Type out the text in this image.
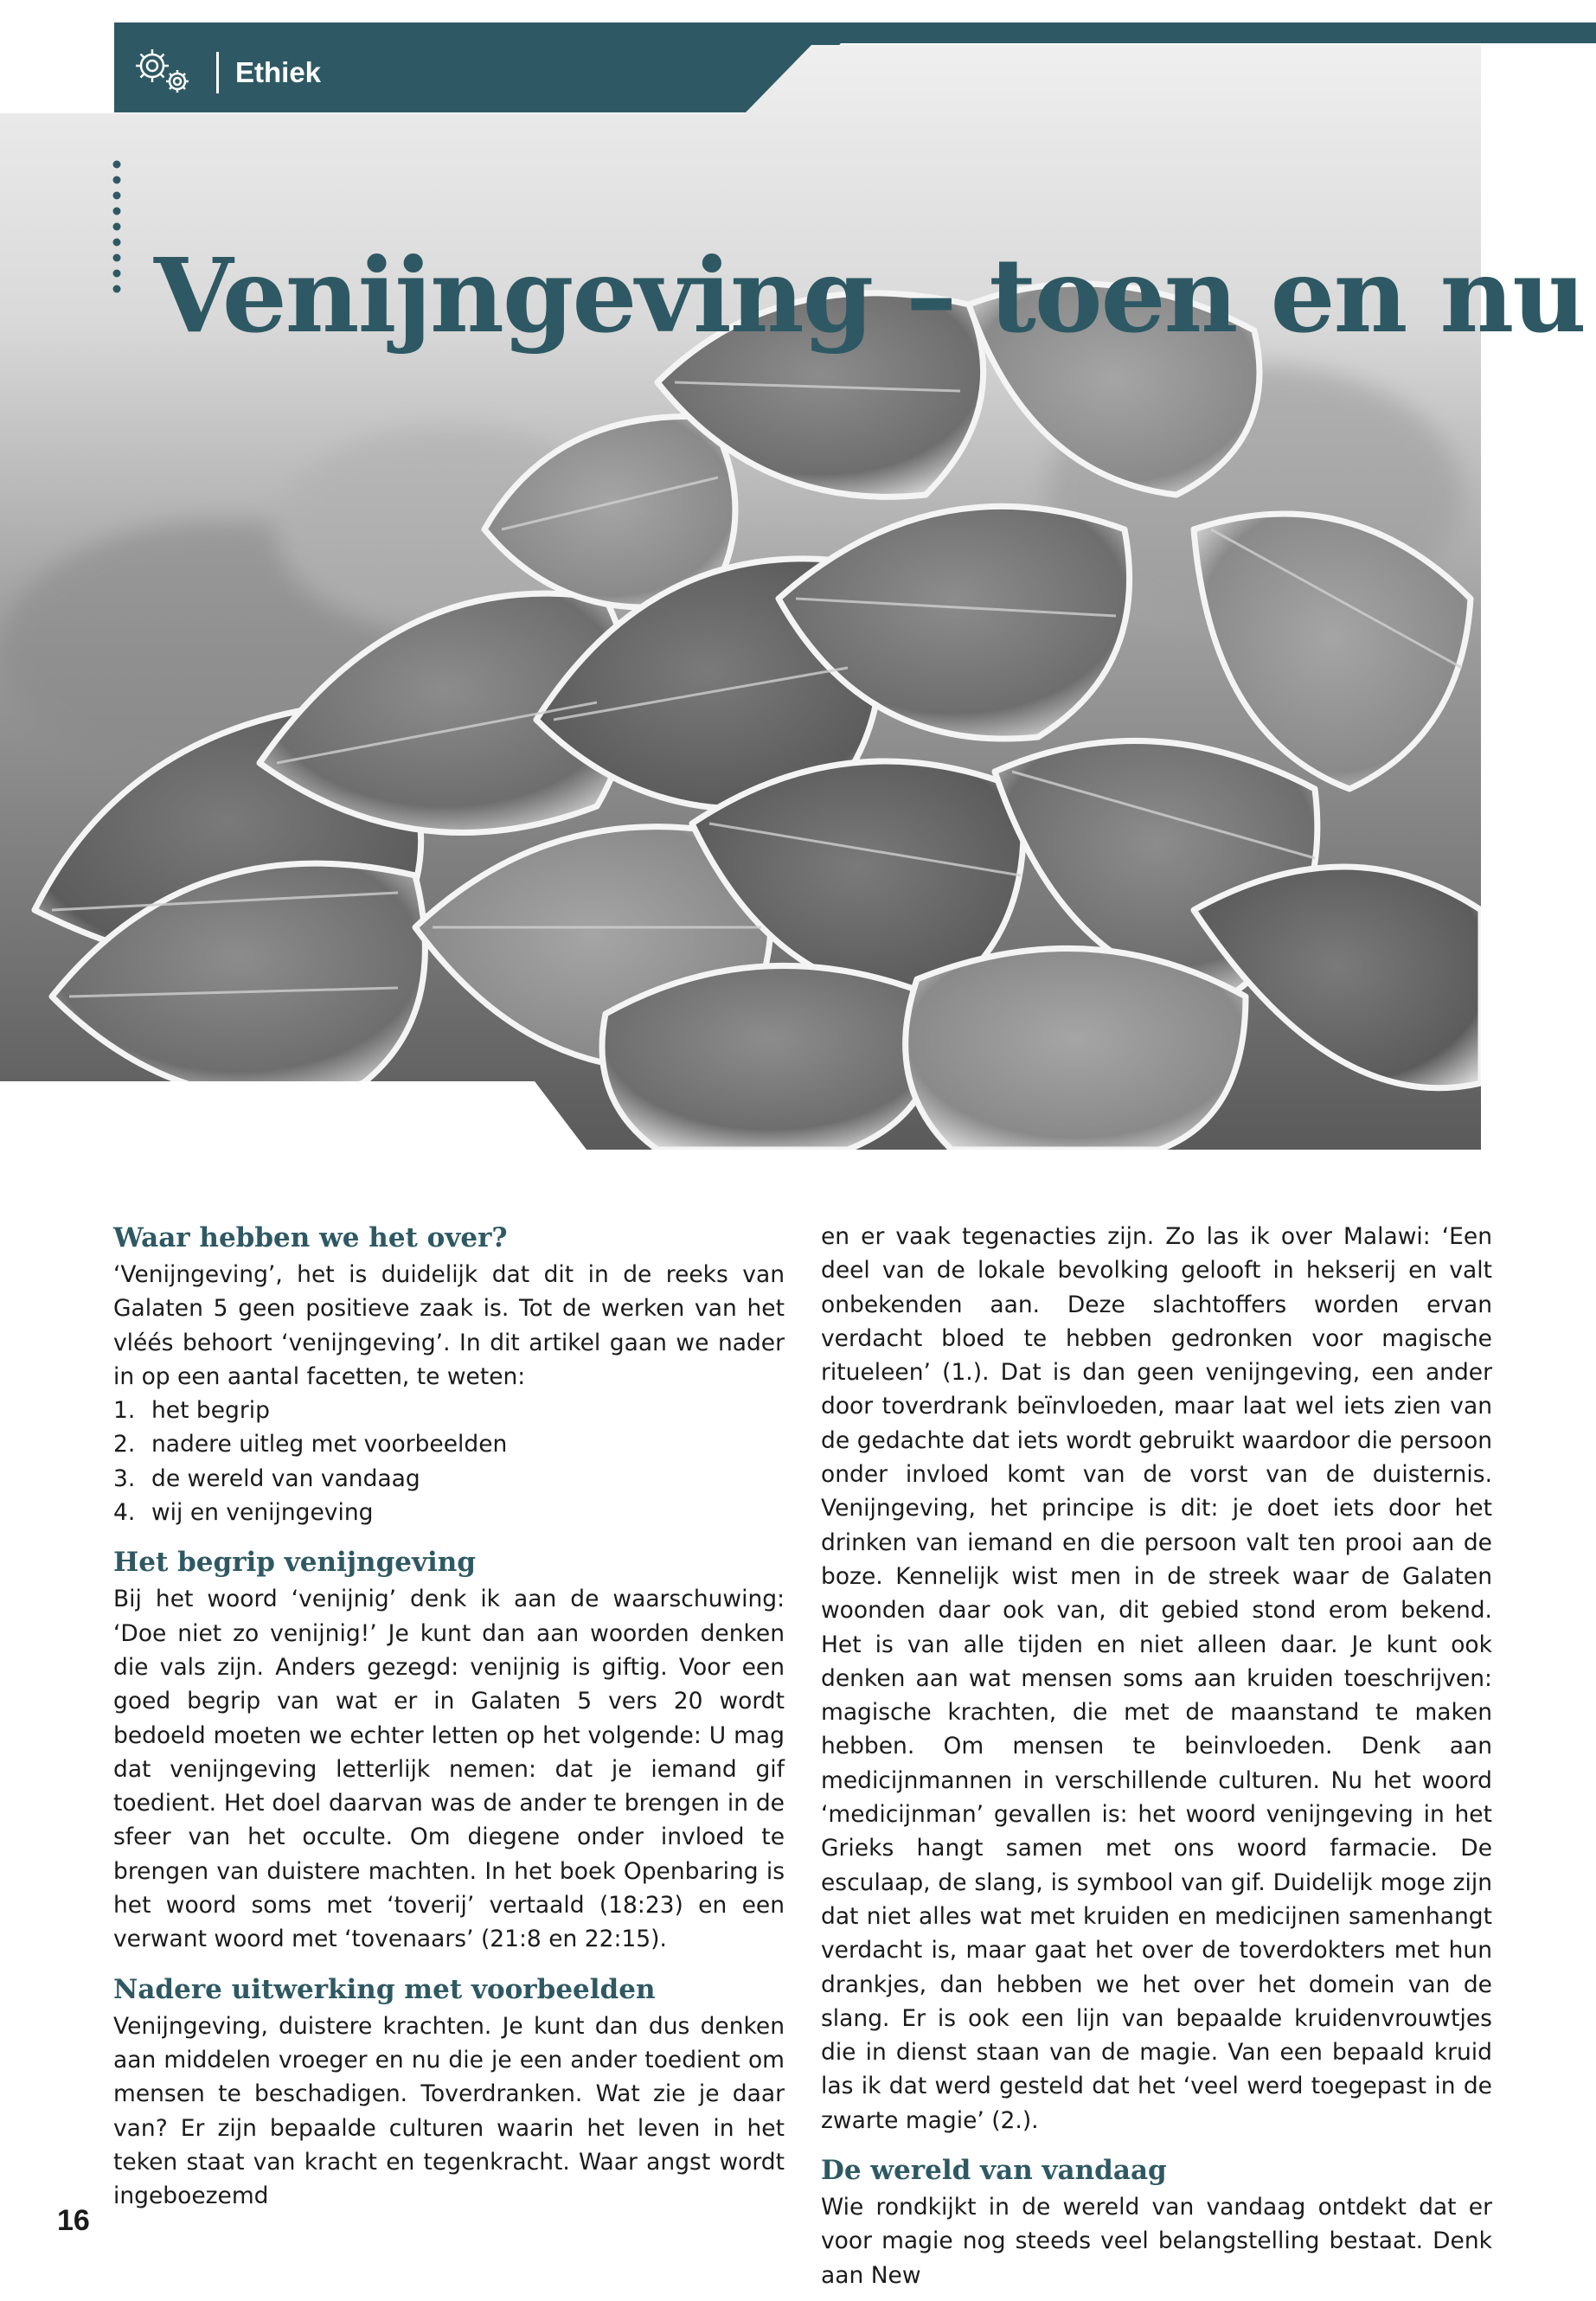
Ethiek
Venijngeving – toen en nu
Waar hebben we het over?

‘Venijngeving’, het is duidelijk dat dit in de reeks van Galaten 5 geen positieve zaak is. Tot de werken van het vléés behoort ‘venijngeving’. In dit artikel gaan we nader in op een aantal facetten, te weten:

1. het begrip
2. nadere uitleg met voorbeelden
3. de wereld van vandaag
4. wij en venijngeving
Het begrip venijngeving

Bij het woord ‘venijnig’ denk ik aan de waarschuwing: ‘Doe niet zo venijnig!’ Je kunt dan aan woorden denken die vals zijn. Anders gezegd: venijnig is giftig. Voor een goed begrip van wat er in Galaten 5 vers 20 wordt bedoeld moeten we echter letten op het volgende: U mag dat venijngeving letterlijk nemen: dat je iemand gif toedient. Het doel daarvan was de ander te brengen in de sfeer van het occulte. Om diegene onder invloed te brengen van duistere machten. In het boek Openbaring is het woord soms met ‘toverij’ vertaald (18:23) en een verwant woord met ‘tovenaars’ (21:8 en 22:15).

Nadere uitwerking met voorbeelden

Venijngeving, duistere krachten. Je kunt dan dus denken aan middelen vroeger en nu die je een ander toedient om mensen te beschadigen. Toverdranken. Wat zie je daar van? Er zijn bepaalde culturen waarin het leven in het teken staat van kracht en tegenkracht. Waar angst wordt ingeboezemd

en er vaak tegenacties zijn. Zo las ik over Malawi: ‘Een deel van de lokale bevolking gelooft in hekserij en valt onbekenden aan. Deze slachtoffers worden ervan verdacht bloed te hebben gedronken voor magische ritueleen’ (1.). Dat is dan geen venijngeving, een ander door toverdrank beïnvloeden, maar laat wel iets zien van de gedachte dat iets wordt gebruikt waardoor die persoon onder invloed komt van de vorst van de duisternis. Venijngeving, het principe is dit: je doet iets door het drinken van iemand en die persoon valt ten prooi aan de boze. Kennelijk wist men in de streek waar de Galaten woonden daar ook van, dit gebied stond erom bekend. Het is van alle tijden en niet alleen daar. Je kunt ook denken aan wat mensen soms aan kruiden toeschrijven: magische krachten, die met de maanstand te maken hebben. Om mensen te beinvloeden. Denk aan medicijnmannen in verschillende culturen. Nu het woord ‘medicijnman’ gevallen is: het woord venijngeving in het Grieks hangt samen met ons woord farmacie. De esculaap, de slang, is symbool van gif. Duidelijk moge zijn dat niet alles wat met kruiden en medicijnen samenhangt verdacht is, maar gaat het over de toverdokters met hun drankjes, dan hebben we het over het domein van de slang. Er is ook een lijn van bepaalde kruidenvrouwtjes die in dienst staan van de magie. Van een bepaald kruid las ik dat werd gesteld dat het ‘veel werd toegepast in de zwarte magie’ (2.).

De wereld van vandaag

Wie rondkijkt in de wereld van vandaag ontdekt dat er voor magie nog steeds veel belangstelling bestaat. Denk aan New

16
